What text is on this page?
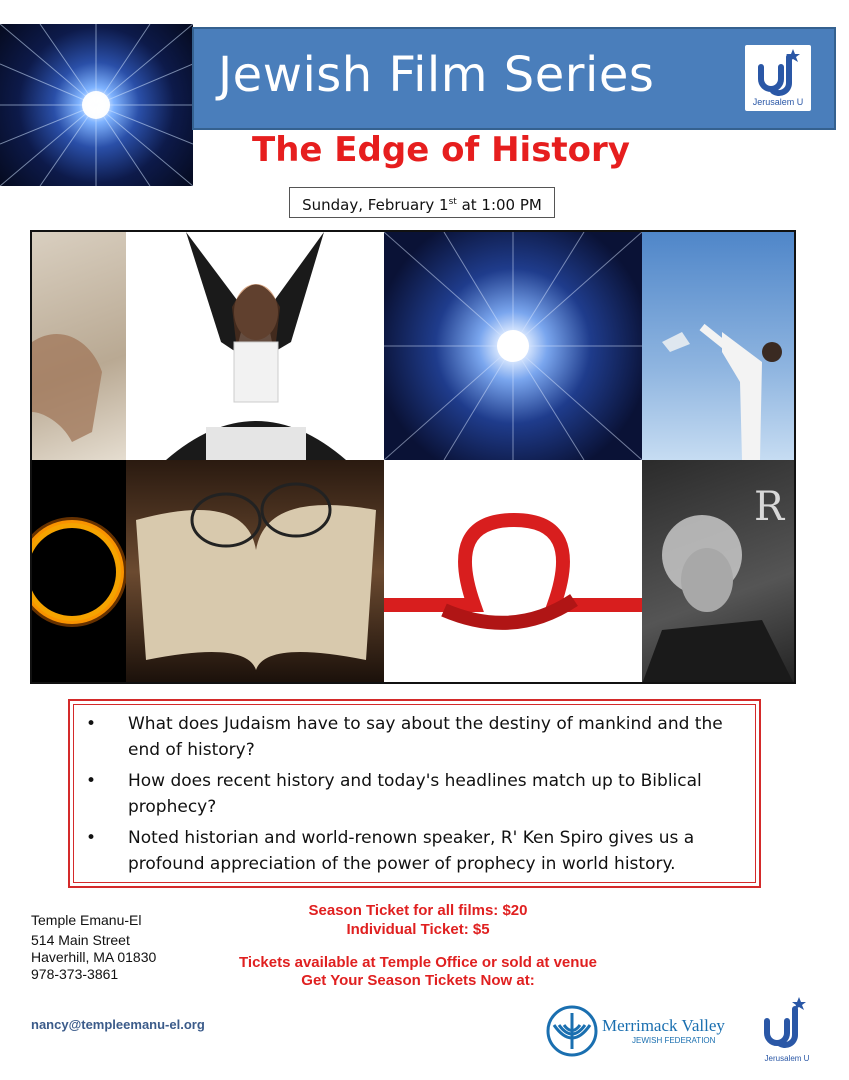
Jewish Film Series	Jerusalem U
The Edge of History
Sunday, February 1st at 1:00 PM
R
• What does Judaism have to say about the destiny of mankind and the end of history?
• How does recent history and today's headlines match up to Biblical prophecy?
• Noted historian and world-renown speaker, R' Ken Spiro gives us a profound appreciation of the power of prophecy in world history.
Temple Emanu-El
514 Main Street
Haverhill, MA 01830
978-373-3861
nancy@templeemanu-el.org
Season Ticket for all films: $20
Individual Ticket: $5
Tickets available at Temple Office or sold at venue
Get Your Season Tickets Now at:
Merrimack Valley
JEWISH FEDERATION
Jerusalem U
